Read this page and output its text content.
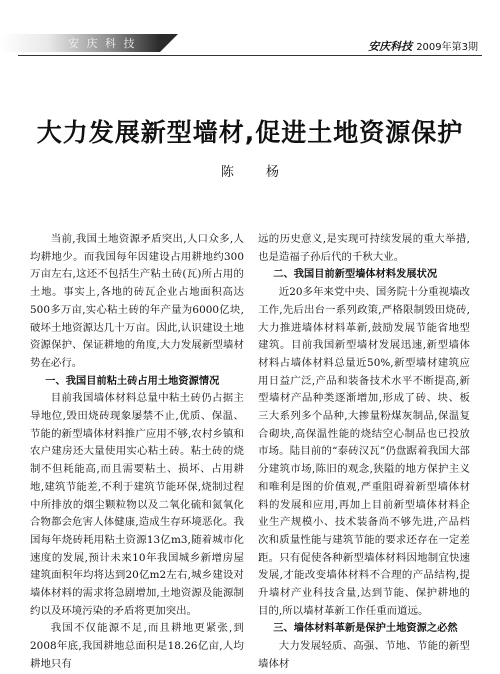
安 庆 科 技	安庆科技 2009年第3期
大力发展新型墙材,促进土地资源保护
陈 杨

当前,我国土地资源矛盾突出,人口众多,人均耕地少。而我国每年因建设占用耕地约300万亩左右,这还不包括生产粘土砖(瓦)所占用的土地。事实上,各地的砖瓦企业占地面积高达500多万亩,实心粘土砖的年产量为6000亿块,破坏土地资源达几十万亩。因此,认识建设土地资源保护、保证耕地的角度,大力发展新型墙材势在必行。

一、我国目前粘土砖占用土地资源情况

目前我国墙体材料总量中粘土砖仍占据主导地位,毁田烧砖现象屡禁不止,优质、保温、节能的新型墙体材料推广应用不够,农村乡镇和农户建房还大量使用实心粘土砖。粘土砖的烧制不但耗能高,而且需要粘土、损坏、占用耕地,建筑节能差,不利于建筑节能环保,烧制过程中所排放的烟尘颗粒物以及二氧化硫和氮氧化合物都会危害人体健康,造成生存环境恶化。我国每年烧砖耗用粘土资源13亿m3,随着城市化速度的发展,预计未来10年我国城乡新增房屋建筑面积年均将达到20亿m2左右,城乡建设对墙体材料的需求将急剧增加,土地资源及能源制约以及环境污染的矛盾将更加突出。

我国不仅能源不足,而且耕地更紧张,到2008年底,我国耕地总面积是18.26亿亩,人均耕地只有

远的历史意义,是实现可持续发展的重大举措,也是造福子孙后代的千秋大业。

二、我国目前新型墙体材料发展状况

近20多年来党中央、国务院十分重视墙改工作,先后出台一系列政策,严格限制毁田烧砖,大力推进墙体材料革新,鼓励发展节能省地型建筑。目前我国新型墙材发展迅速,新型墙体材料占墙体材料总量近50%,新型墙材建筑应用日益广泛,产品和装备技术水平不断提高,新型墙材产品种类逐渐增加,形成了砖、块、板三大系列多个品种,大掺量粉煤灰制品,保温复合砌块,高保温性能的烧结空心制品也已投放市场。陆目前的“泰砖汉瓦”仍盘踞着我国大部分建筑市场,陈旧的观念,狭隘的地方保护主义和唯利是图的价值观,严重阻碍着新型墙体材料的发展和应用,再加上目前新型墙体材料企业生产规模小、技术装备尚不够先进,产品档次和质量性能与建筑节能的要求还存在一定差距。只有促使各种新型墙体材料因地制宜快速发展,才能改变墙体材料不合理的产品结构,提升墙材产业科技含量,达到节能、保护耕地的目的,所以墙材革新工作任重而道远。

三、墙体材料革新是保护土地资源之必然

大力发展轻质、高强、节地、节能的新型墙体材
